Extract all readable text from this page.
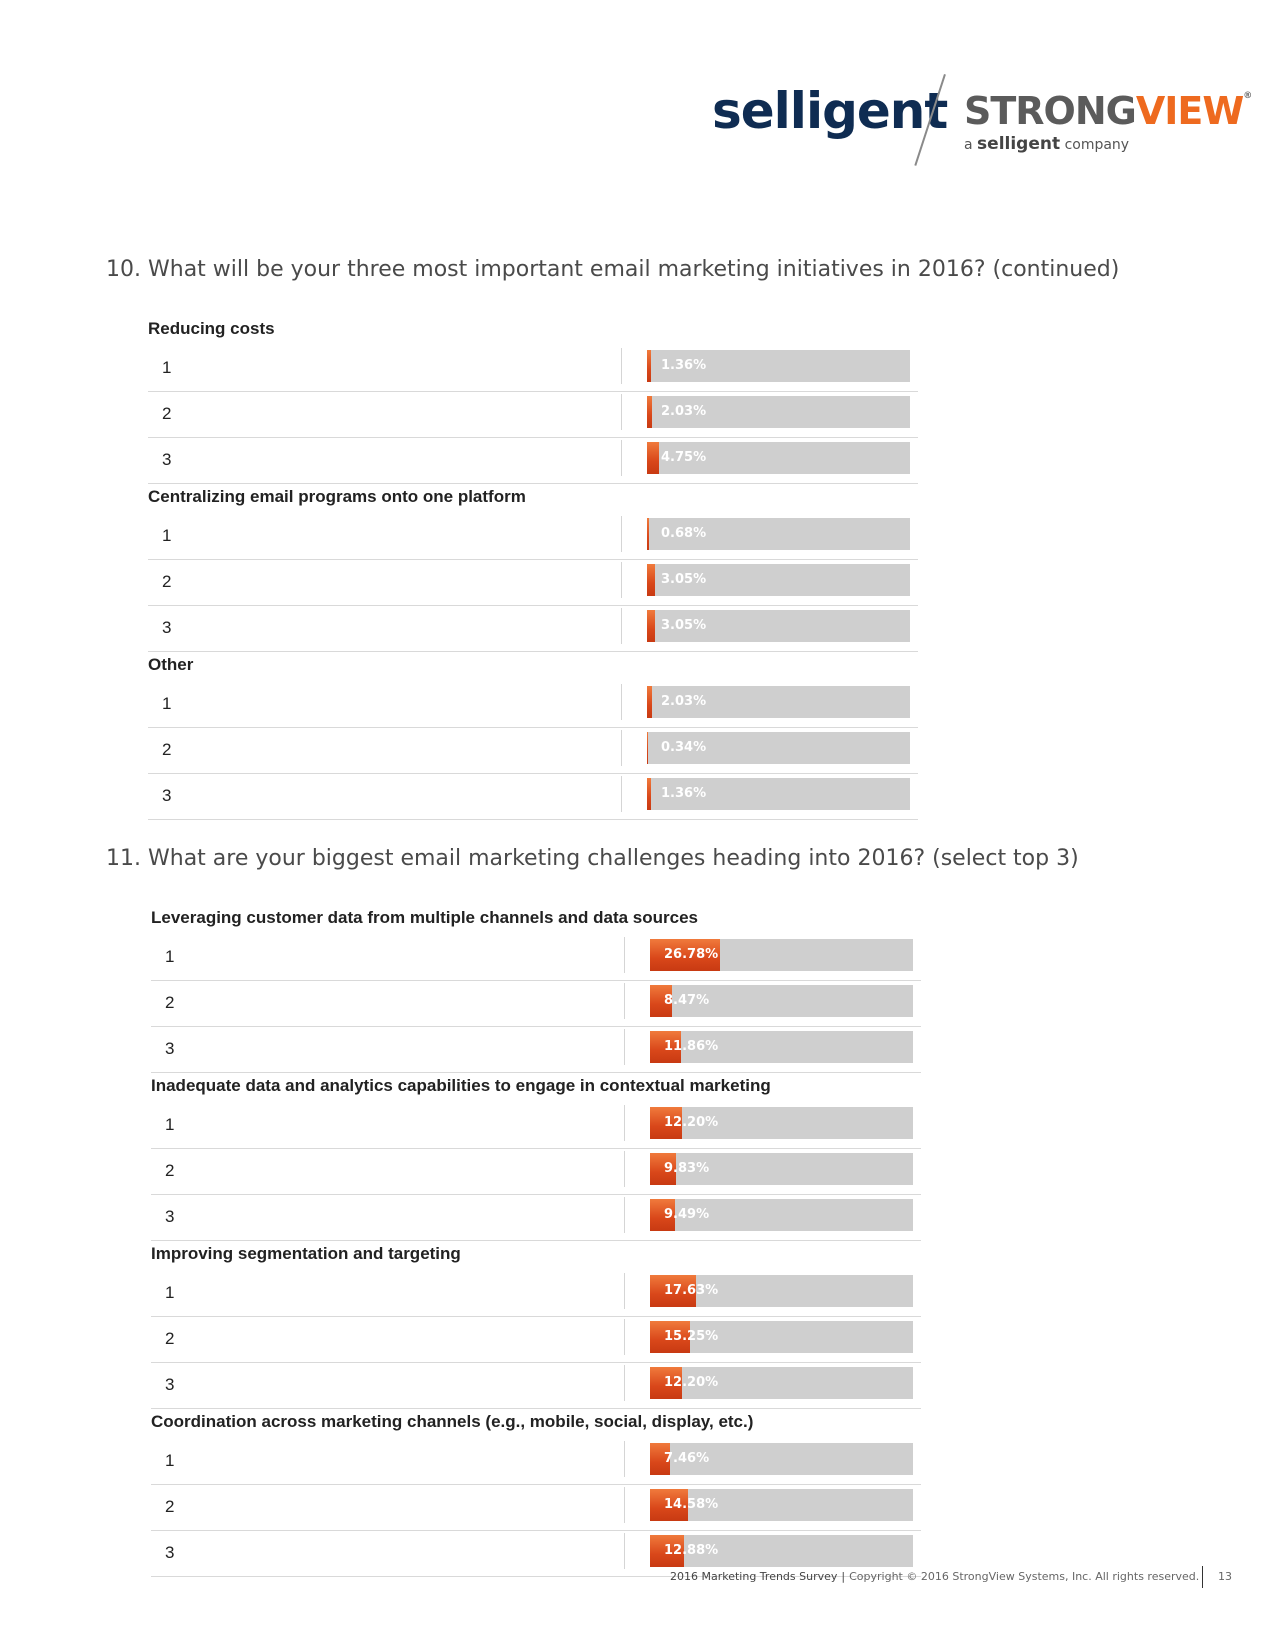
selligent STRONGVIEW®
a selligent company
10. What will be your three most important email marketing initiatives in 2016? (continued)
Reducing costs
1	1.36%
2	2.03%
3	4.75%
Centralizing email programs onto one platform
1	0.68%
2	3.05%
3	3.05%
Other
1	2.03%
2	0.34%
3	1.36%
11. What are your biggest email marketing challenges heading into 2016? (select top 3)
Leveraging customer data from multiple channels and data sources
1	26.78%
2	8.47%
3	11.86%
Inadequate data and analytics capabilities to engage in contextual marketing
1	12.20%
2	9.83%
3	9.49%
Improving segmentation and targeting
1	17.63%
2	15.25%
3	12.20%
Coordination across marketing channels (e.g., mobile, social, display, etc.)
1	7.46%
2	14.58%
3	12.88%
2016 Marketing Trends Survey | Copyright © 2016 StrongView Systems, Inc. All rights reserved. 13
